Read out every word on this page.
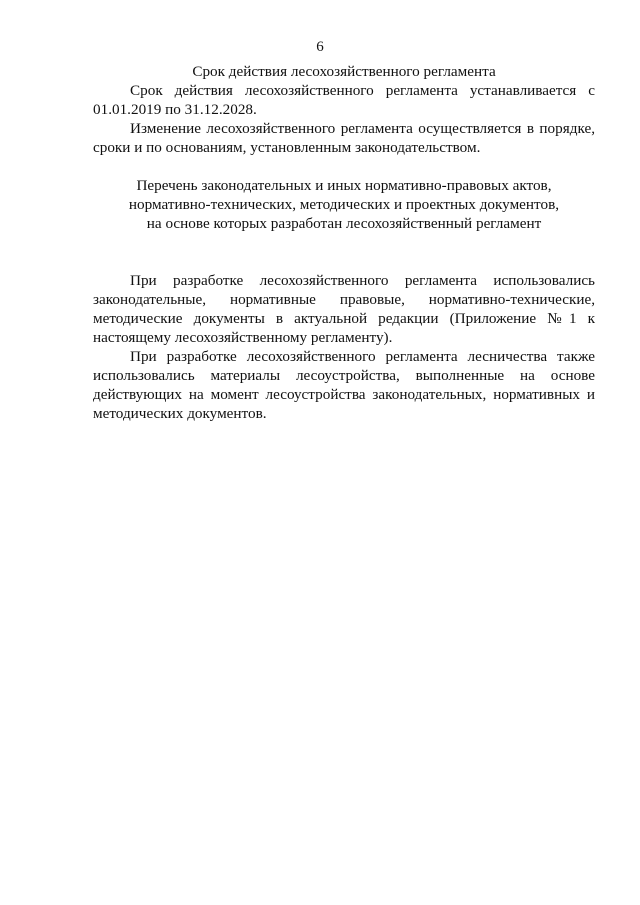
6

Срок действия лесохозяйственного регламента

Срок действия лесохозяйственного регламента устанавливается с 01.01.2019 по 31.12.2028.

Изменение лесохозяйственного регламента осуществляется в порядке, сроки и по основаниям, установленным законодательством.

Перечень законодательных и иных нормативно-правовых актов,
нормативно-технических, методических и проектных документов,
на основе которых разработан лесохозяйственный регламент

При разработке лесохозяйственного регламента использовались законодательные, нормативные правовые, нормативно-технические, методические документы в актуальной редакции (Приложение №1 к настоящему лесохозяйственному регламенту).

При разработке лесохозяйственного регламента лесничества также использовались материалы лесоустройства, выполненные на основе действующих на момент лесоустройства законодательных, нормативных и методических документов.
